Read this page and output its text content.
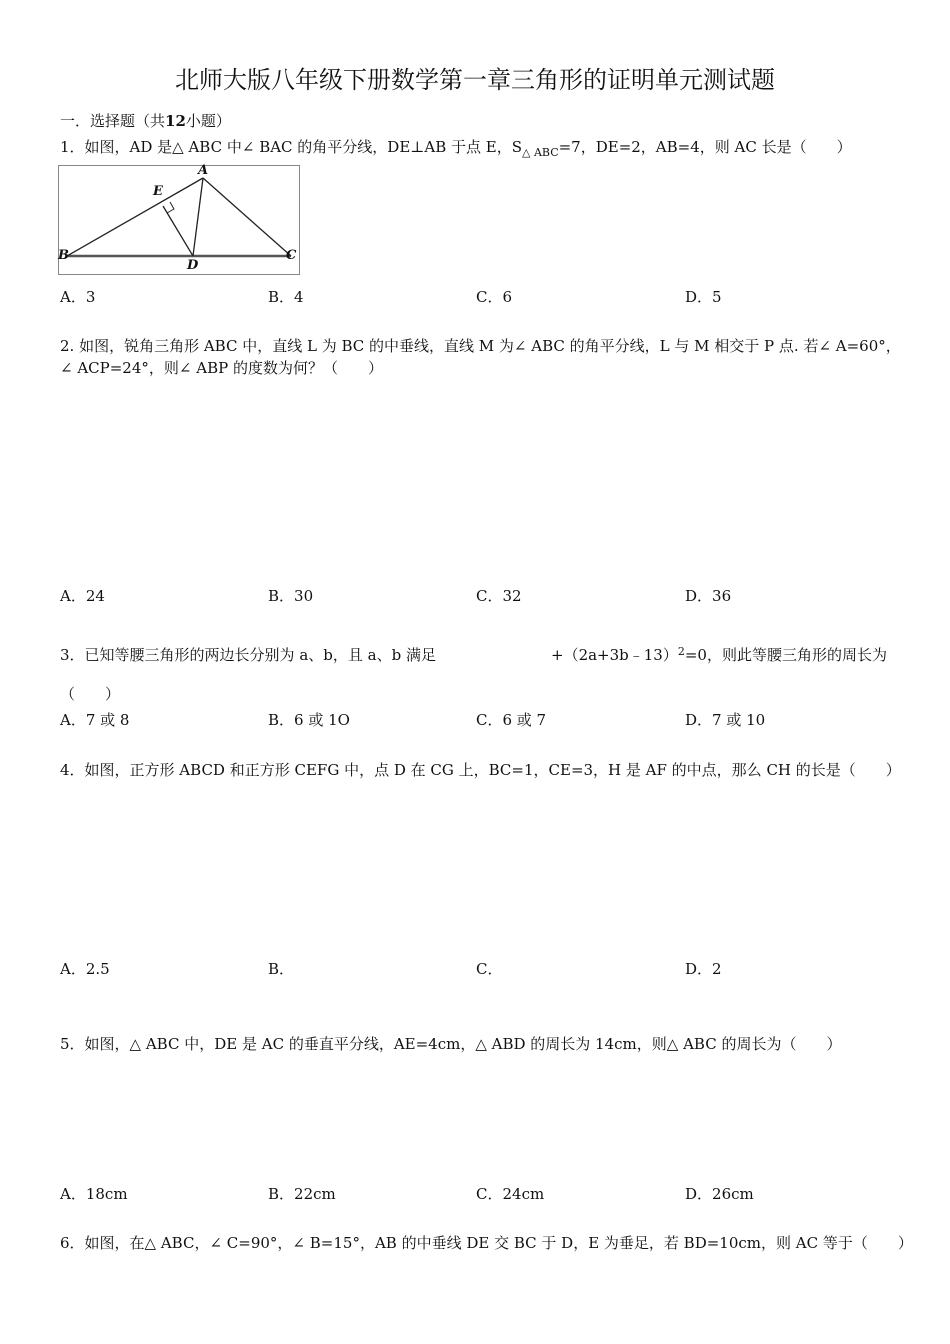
北师大版八年级下册数学第一章三角形的证明单元测试题
一．选择题（共12小题）
1．如图，AD 是△ ABC 中∠ BAC 的角平分线，DE⊥AB 于点 E，$S_{\triangle ABC}=7$，DE=2，AB=4，则 AC 长是（　　）
A
B	C
D
E
A．3	B．4	C．6	D．5
2. 如图，锐角三角形 ABC 中，直线 L 为 BC 的中垂线，直线 M 为∠ ABC 的角平分线，L 与 M 相交于 P 点. 若∠ A=60°，
∠ ACP=24°，则∠ ABP 的度数为何？（　　）
A．24	B．30	C．32	D．36
3．已知等腰三角形的两边长分别为 a、b，且 a、b 满足	+（2a+3b﹣13）$^2$=0，则此等腰三角形的周长为
（　　）
A．7 或 8	B．6 或 1O	C．6 或 7	D．7 或 10
4．如图，正方形 ABCD 和正方形 CEFG 中，点 D 在 CG 上，BC=1，CE=3，H 是 AF 的中点，那么 CH 的长是（　　）
A．2.5	B．	C．	D．2
5．如图，△ ABC 中，DE 是 AC 的垂直平分线，AE=4cm，△ ABD 的周长为 14cm，则△ ABC 的周长为（　　）
A．18cm	B．22cm	C．24cm	D．26cm
6．如图，在△ ABC，∠ C=90°，∠ B=15°，AB 的中垂线 DE 交 BC 于 D，E 为垂足，若 BD=10cm，则 AC 等于（　　）
